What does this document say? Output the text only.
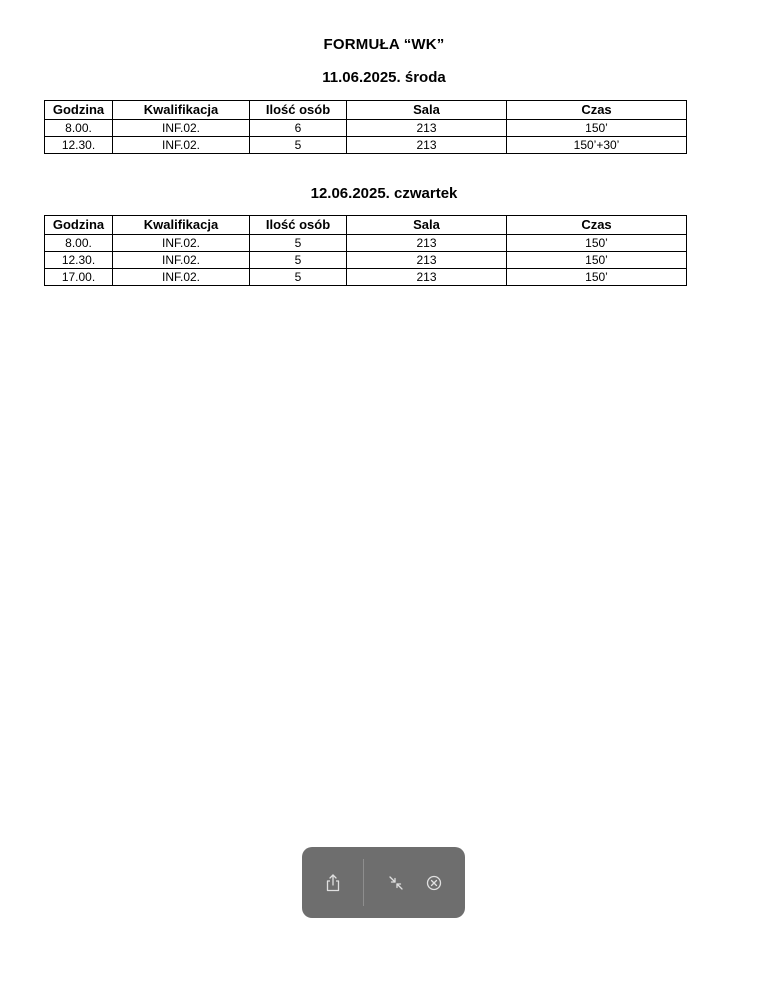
FORMUŁA “WK”
11.06.2025. środa
Godzina	Kwalifikacja	Ilość osób	Sala	Czas
8.00.	INF.02.	6	213	150’
12.30.	INF.02.	5	213	150’+30’
12.06.2025. czwartek
Godzina	Kwalifikacja	Ilość osób	Sala	Czas
8.00.	INF.02.	5	213	150’
12.30.	INF.02.	5	213	150’
17.00.	INF.02.	5	213	150’
